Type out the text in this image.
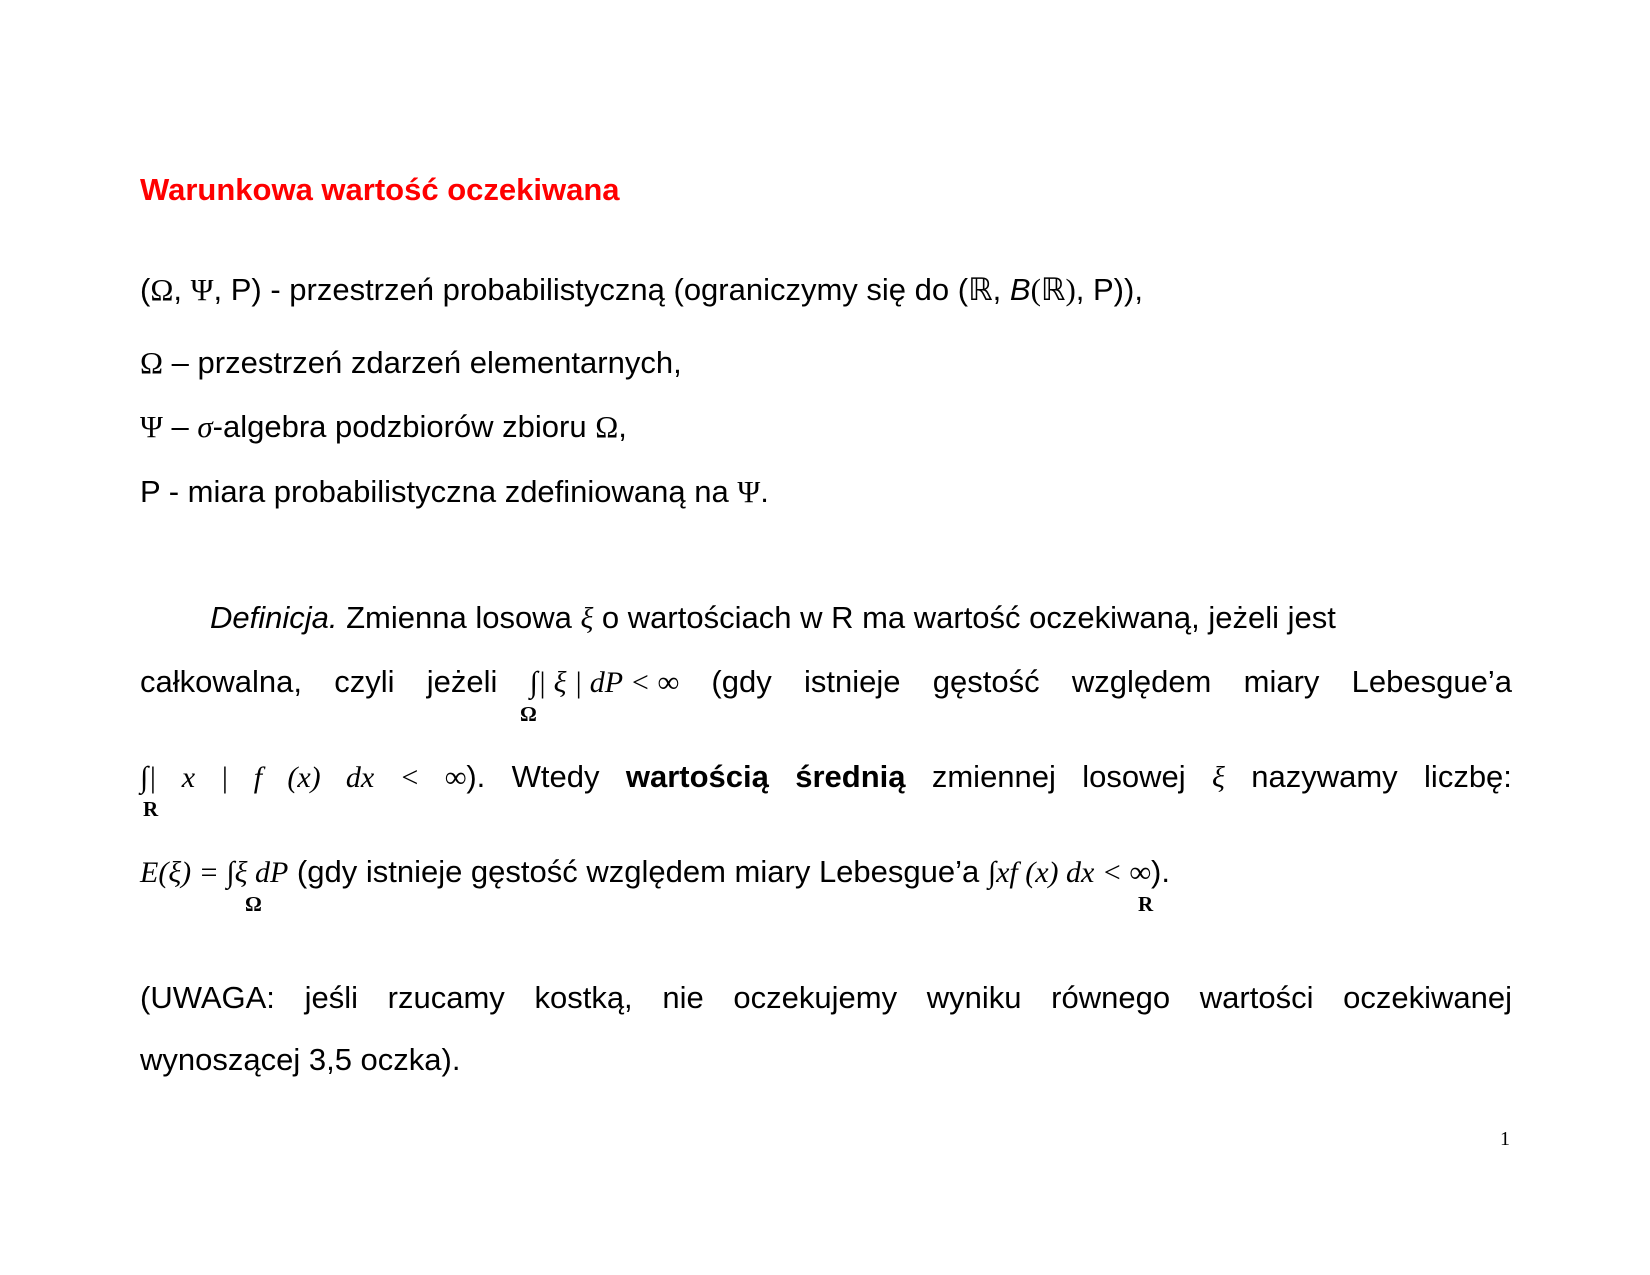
Warunkowa wartość oczekiwana
(Ω, Ψ, P) - przestrzeń probabilistyczną (ograniczymy się do (ℝ, B(ℝ), P)),
Ω – przestrzeń zdarzeń elementarnych,
Ψ – σ-algebra podzbiorów zbioru Ω,
P - miara probabilistyczna zdefiniowaną na Ψ.
Definicja. Zmienna losowa ξ o wartościach w R ma wartość oczekiwaną, jeżeli jest
całkowalna, czyli jeżeli ∫| ξ | dP < ∞ (gdy istnieje gęstość względem miary Lebesgue’a
Ω
∫| x | f (x) dx < ∞). Wtedy wartością średnią zmiennej losowej ξ nazywamy liczbę:
R
E(ξ) = ∫ξ dP (gdy istnieje gęstość względem miary Lebesgue’a ∫xf (x) dx < ∞).
Ω	R
(UWAGA: jeśli rzucamy kostką, nie oczekujemy wyniku równego wartości oczekiwanej
wynoszącej 3,5 oczka).
1
